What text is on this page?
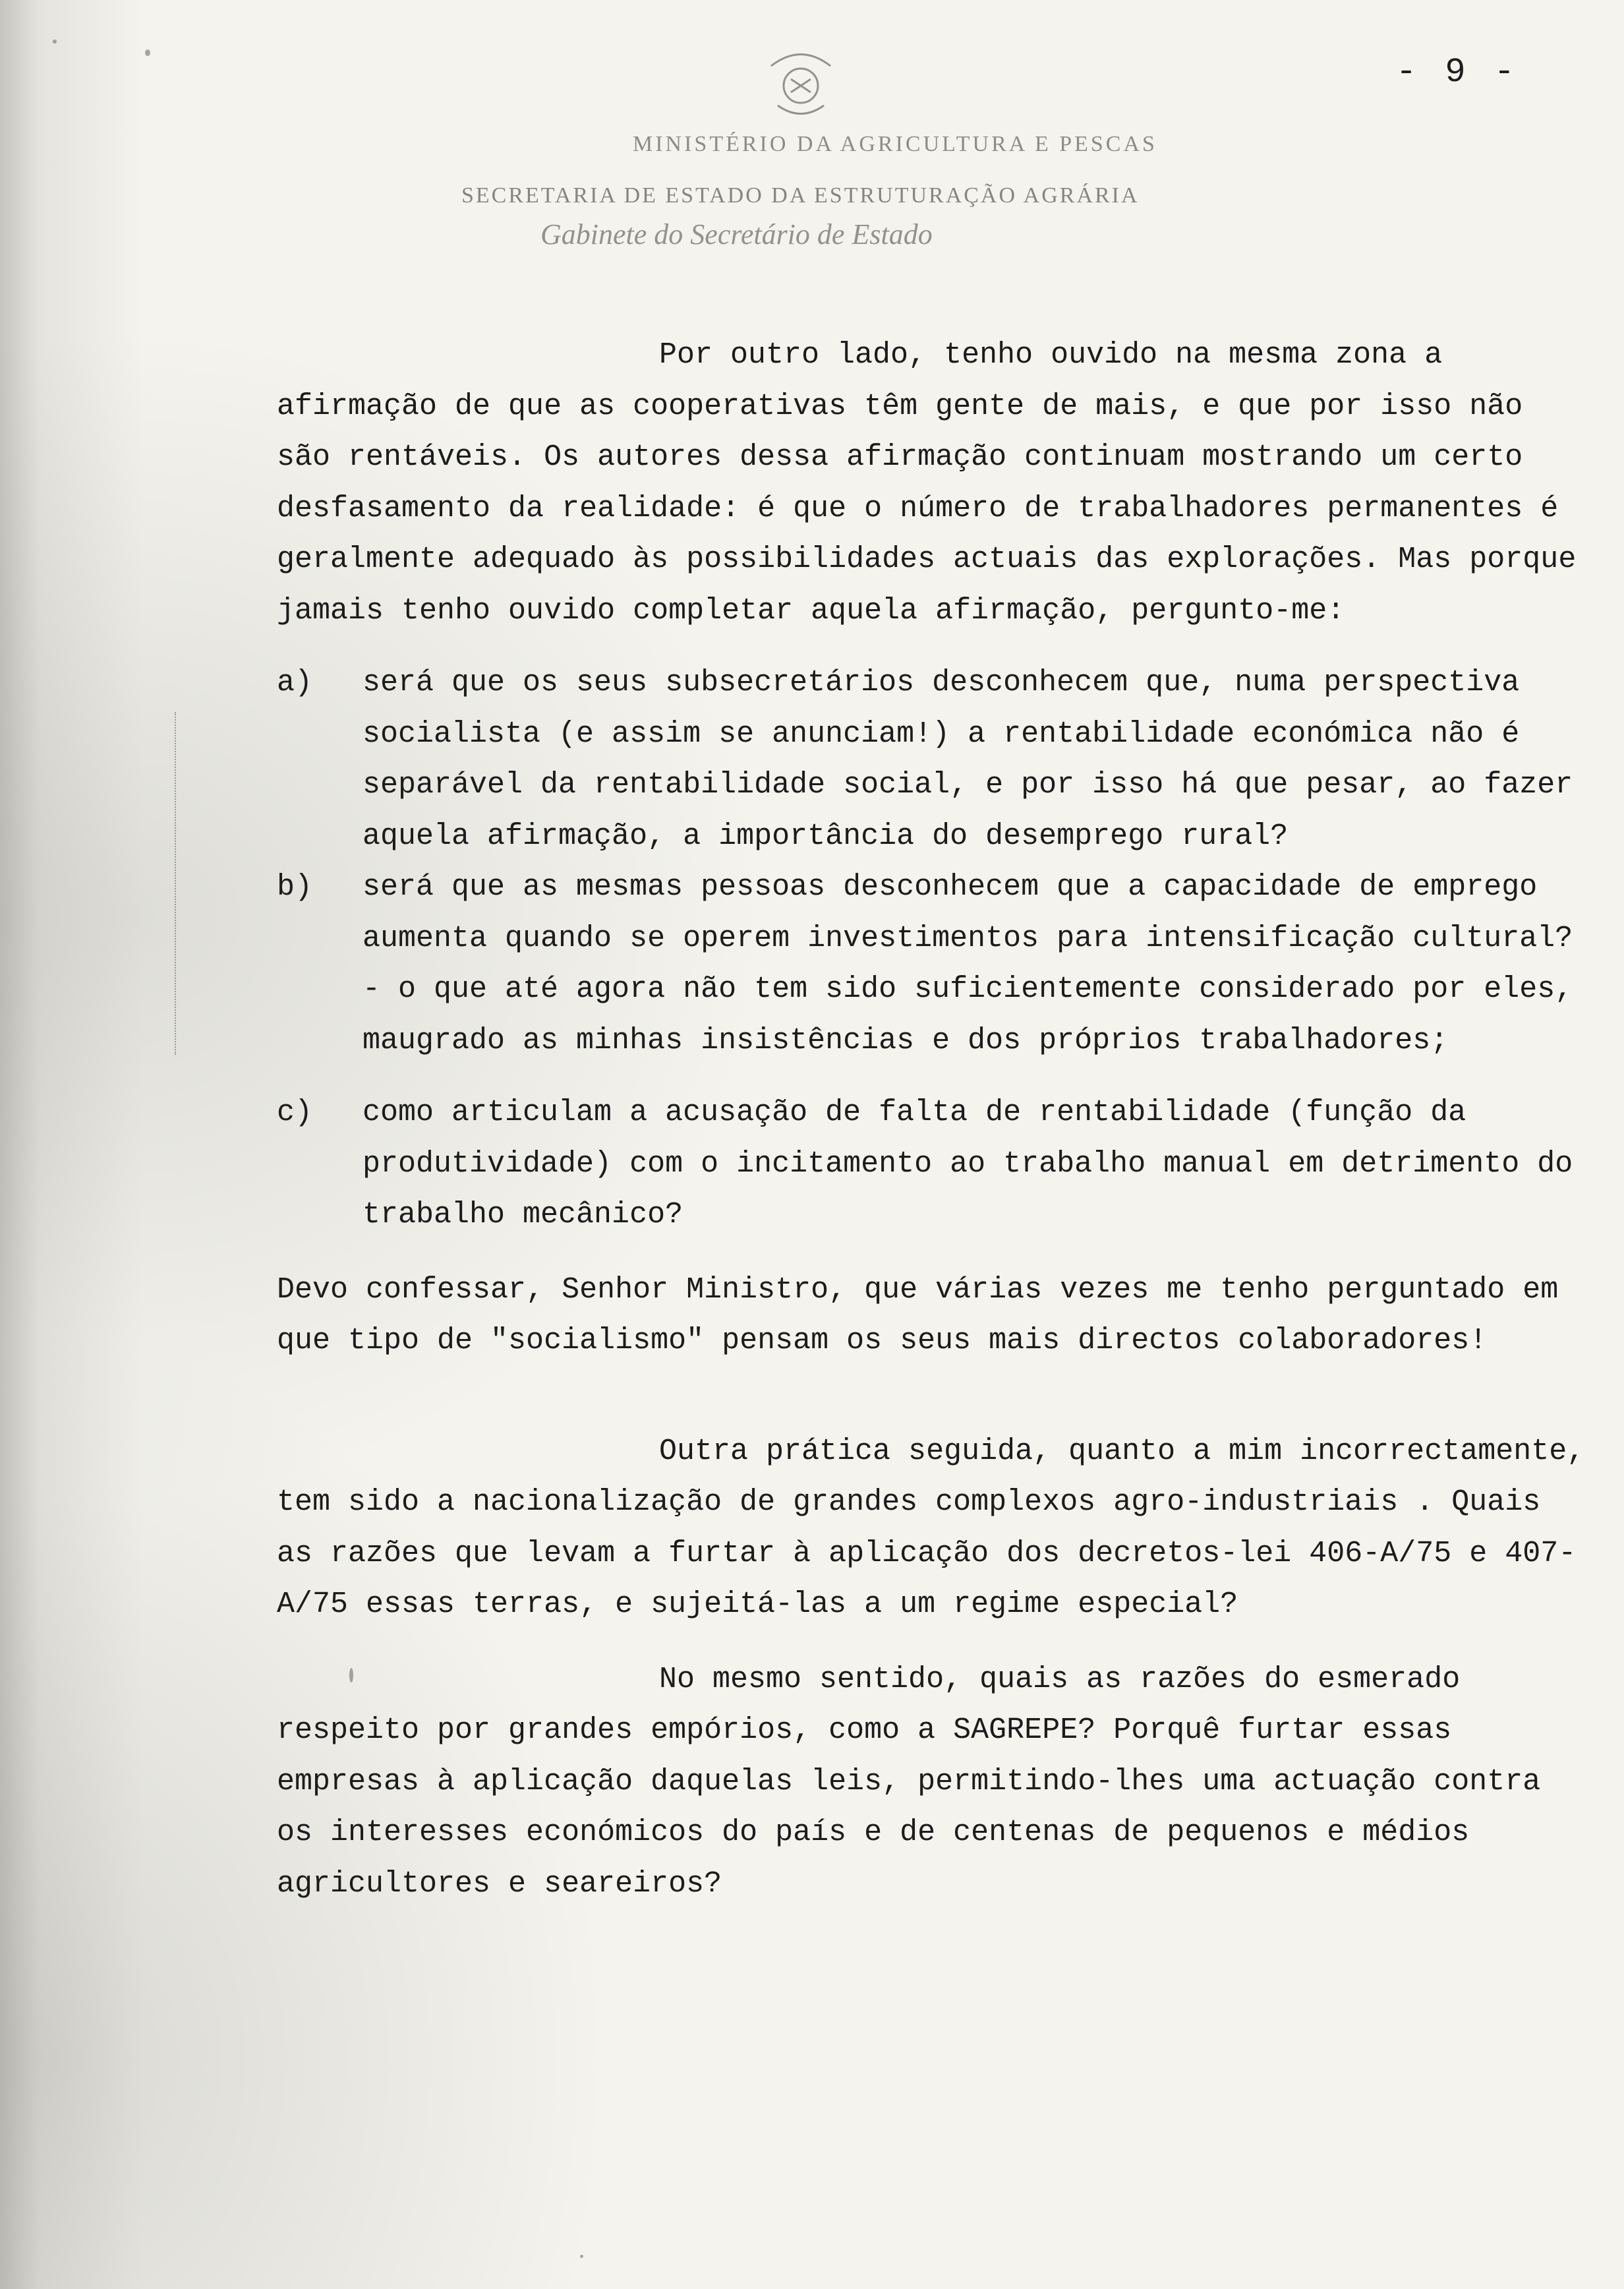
- 9 -
MINISTÉRIO DA AGRICULTURA E PESCAS
SECRETARIA DE ESTADO DA ESTRUTURAÇÃO AGRÁRIA
Gabinete do Secretário de Estado

Por outro lado, tenho ouvido na mesma zona a afirmação de que as cooperativas têm gente de mais, e que por isso não são rentáveis. Os autores dessa afirmação continuam mostrando um certo desfasamento da realidade: é que o número de trabalhadores permanentes é geralmente adequado às possibilidades actuais das explorações. Mas porque jamais tenho ouvido completar aquela afirmação, pergunto-me:

a)	será que os seus subsecretários desconhecem que, numa perspectiva socialista (e assim se anunciam!) a rentabilidade económica não é separável da rentabilidade social, e por isso há que pesar, ao fazer aquela afirmação, a importância do desemprego rural?
b)	será que as mesmas pessoas desconhecem que a capacidade de emprego aumenta quando se operem investimentos para intensificação cultural? - o que até agora não tem sido suficientemente considerado por eles, maugrado as minhas insistências e dos próprios trabalhadores;
c)	como articulam a acusação de falta de rentabilidade (função da produtividade) com o incitamento ao trabalho manual em detrimento do trabalho mecânico?

Devo confessar, Senhor Ministro, que várias vezes me tenho perguntado em que tipo de "socialismo" pensam os seus mais directos colaboradores!

Outra prática seguida, quanto a mim incorrectamente, tem sido a nacionalização de grandes complexos agro-industriais . Quais as razões que levam a furtar à aplicação dos decretos-lei 406-A/75 e 407-A/75 essas terras, e sujeitá-las a um regime especial?

No mesmo sentido, quais as razões do esmerado respeito por grandes empórios, como a SAGREPE? Porquê furtar essas empresas à aplicação daquelas leis, permitindo-lhes uma actuação contra os interesses económicos do país e de centenas de pequenos e médios agricultores e seareiros?
